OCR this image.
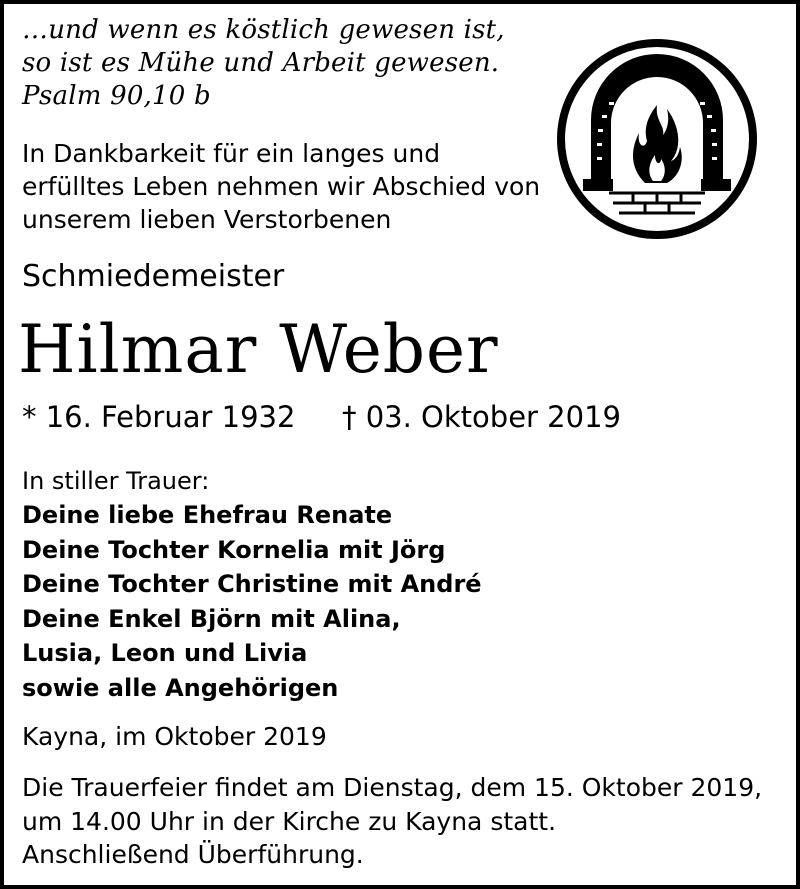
…und wenn es köstlich gewesen ist,
so ist es Mühe und Arbeit gewesen.
Psalm 90,10 b
In Dankbarkeit für ein langes und
erfülltes Leben nehmen wir Abschied von
unserem lieben Verstorbenen
Schmiedemeister
Hilmar Weber
* 16. Februar 1932 † 03. Oktober 2019
In stiller Trauer:
Deine liebe Ehefrau Renate
Deine Tochter Kornelia mit Jörg
Deine Tochter Christine mit André
Deine Enkel Björn mit Alina,
Lusia, Leon und Livia
sowie alle Angehörigen
Kayna, im Oktober 2019
Die Trauerfeier findet am Dienstag, dem 15. Oktober 2019,
um 14.00 Uhr in der Kirche zu Kayna statt.
Anschließend Überführung.
